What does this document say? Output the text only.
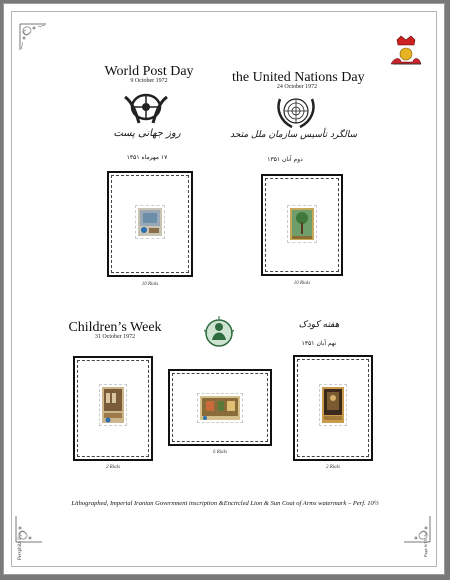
World Post Day
9 October 1972
روز جهانی پست
۱۷ مهرماه ۱۳۵۱
10 Rials
the United Nations Day
24 October 1972
سالگرد تأسیس سازمان ملل متحد
دوم آبان ۱۳۵۱
10 Rials
Children’s Week
31 October 1972
هفته کودک
نهم آبان ۱۳۵۱
2 Rials
6 Rials
2 Rials
Lithographed, Imperial Iranian Government inscription &Encircled Lion & Sun Coat of Arms watermark – Perf. 10½
Persphila ©	Page 6/15
